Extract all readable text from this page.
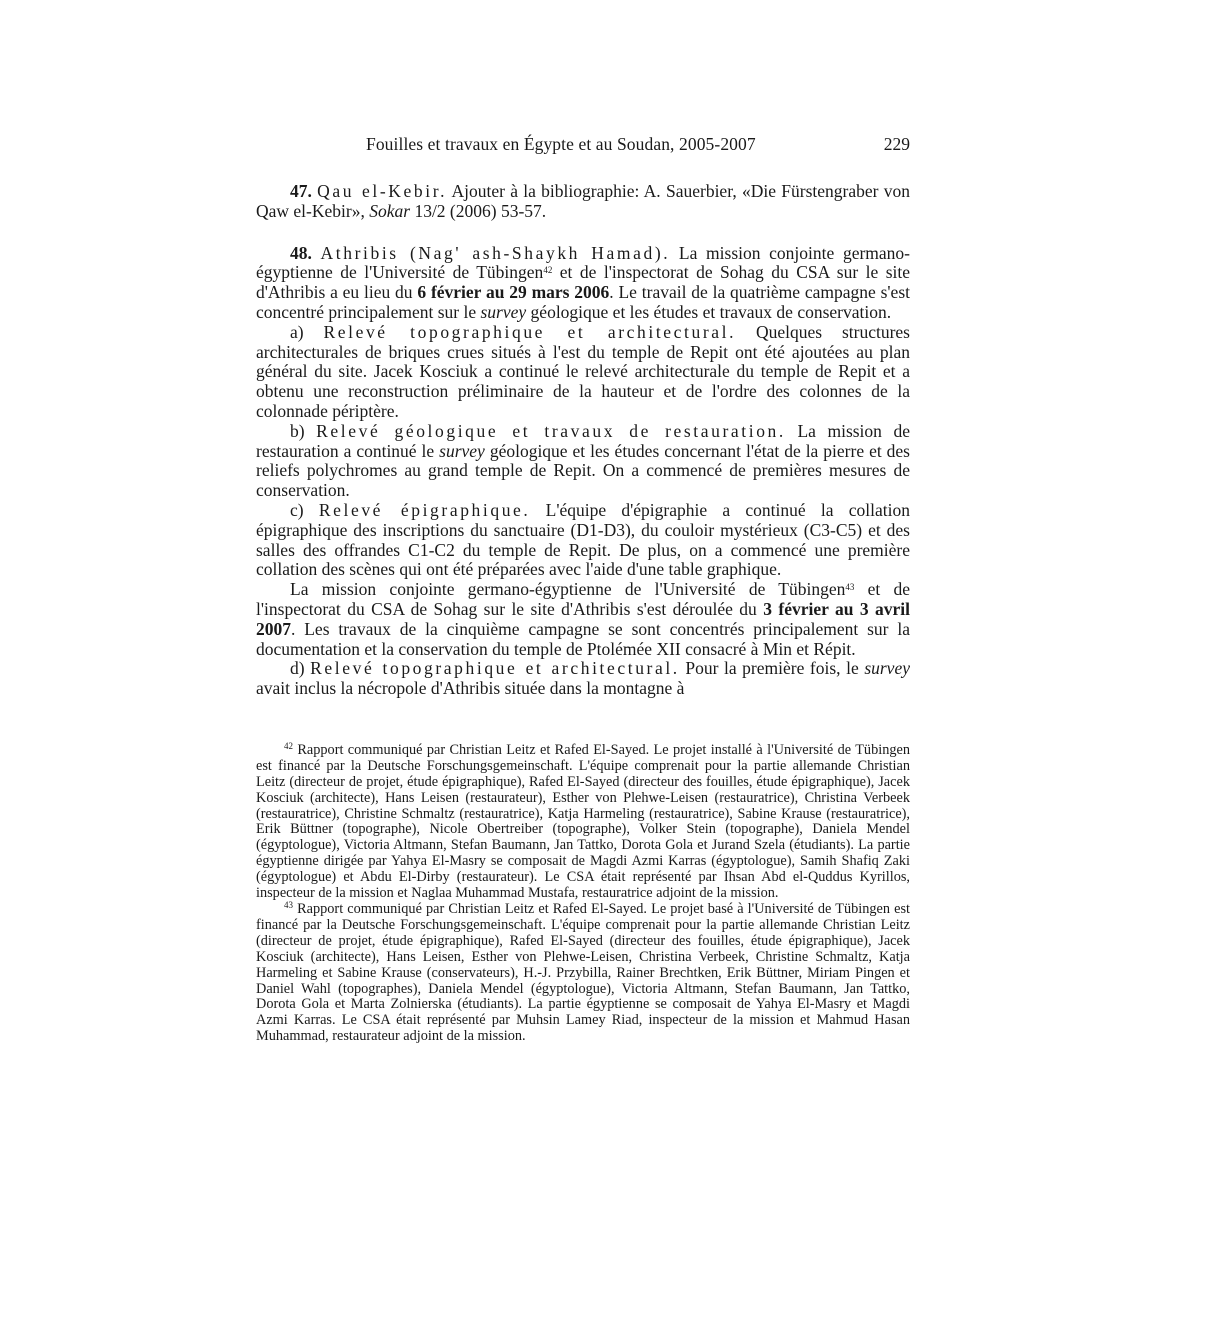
Fouilles et travaux en Égypte et au Soudan, 2005-2007	229

47. Qau el-Kebir. Ajouter à la bibliographie: A. Sauerbier, «Die Fürstengraber von Qaw el-Kebir», Sokar 13/2 (2006) 53-57.

48. Athribis (Nag' ash-Shaykh Hamad). La mission conjointe germano-égyptienne de l'Université de Tübingen$^{42}$ et de l'inspectorat de Sohag du CSA sur le site d'Athribis a eu lieu du 6 février au 29 mars 2006. Le travail de la quatrième campagne s'est concentré principalement sur le survey géologique et les études et travaux de conservation.

a) Relevé topographique et architectural. Quelques structures architecturales de briques crues situés à l'est du temple de Repit ont été ajoutées au plan général du site. Jacek Kosciuk a continué le relevé architecturale du temple de Repit et a obtenu une reconstruction préliminaire de la hauteur et de l'ordre des colonnes de la colonnade périptère.

b) Relevé géologique et travaux de restauration. La mission de restauration a continué le survey géologique et les études concernant l'état de la pierre et des reliefs polychromes au grand temple de Repit. On a commencé de premières mesures de conservation.

c) Relevé épigraphique. L'équipe d'épigraphie a continué la collation épigraphique des inscriptions du sanctuaire (D1-D3), du couloir mystérieux (C3-C5) et des salles des offrandes C1-C2 du temple de Repit. De plus, on a commencé une première collation des scènes qui ont été préparées avec l'aide d'une table graphique.

La mission conjointe germano-égyptienne de l'Université de Tübingen$^{43}$ et de l'inspectorat du CSA de Sohag sur le site d'Athribis s'est déroulée du 3 février au 3 avril 2007. Les travaux de la cinquième campagne se sont concentrés principalement sur la documentation et la conservation du temple de Ptolémée XII consacré à Min et Répit.

d) Relevé topographique et architectural. Pour la première fois, le survey avait inclus la nécropole d'Athribis située dans la montagne à

$^{42}$ Rapport communiqué par Christian Leitz et Rafed El-Sayed. Le projet installé à l'Université de Tübingen est financé par la Deutsche Forschungsgemeinschaft. L'équipe comprenait pour la partie allemande Christian Leitz (directeur de projet, étude épigraphique), Rafed El-Sayed (directeur des fouilles, étude épigraphique), Jacek Kosciuk (architecte), Hans Leisen (restaurateur), Esther von Plehwe-Leisen (restauratrice), Christina Verbeek (restauratrice), Christine Schmaltz (restauratrice), Katja Harmeling (restauratrice), Sabine Krause (restauratrice), Erik Büttner (topographe), Nicole Obertreiber (topographe), Volker Stein (topographe), Daniela Mendel (égyptologue), Victoria Altmann, Stefan Baumann, Jan Tattko, Dorota Gola et Jurand Szela (étudiants). La partie égyptienne dirigée par Yahya El-Masry se composait de Magdi Azmi Karras (égyptologue), Samih Shafiq Zaki (égyptologue) et Abdu El-Dirby (restaurateur). Le CSA était représenté par Ihsan Abd el-Quddus Kyrillos, inspecteur de la mission et Naglaa Muhammad Mustafa, restauratrice adjoint de la mission.

$^{43}$ Rapport communiqué par Christian Leitz et Rafed El-Sayed. Le projet basé à l'Université de Tübingen est financé par la Deutsche Forschungsgemeinschaft. L'équipe comprenait pour la partie allemande Christian Leitz (directeur de projet, étude épigraphique), Rafed El-Sayed (directeur des fouilles, étude épigraphique), Jacek Kosciuk (architecte), Hans Leisen, Esther von Plehwe-Leisen, Christina Verbeek, Christine Schmaltz, Katja Harmeling et Sabine Krause (conservateurs), H.-J. Przybilla, Rainer Brechtken, Erik Büttner, Miriam Pingen et Daniel Wahl (topographes), Daniela Mendel (égyptologue), Victoria Altmann, Stefan Baumann, Jan Tattko, Dorota Gola et Marta Zolnierska (étudiants). La partie égyptienne se composait de Yahya El-Masry et Magdi Azmi Karras. Le CSA était représenté par Muhsin Lamey Riad, inspecteur de la mission et Mahmud Hasan Muhammad, restaurateur adjoint de la mission.
